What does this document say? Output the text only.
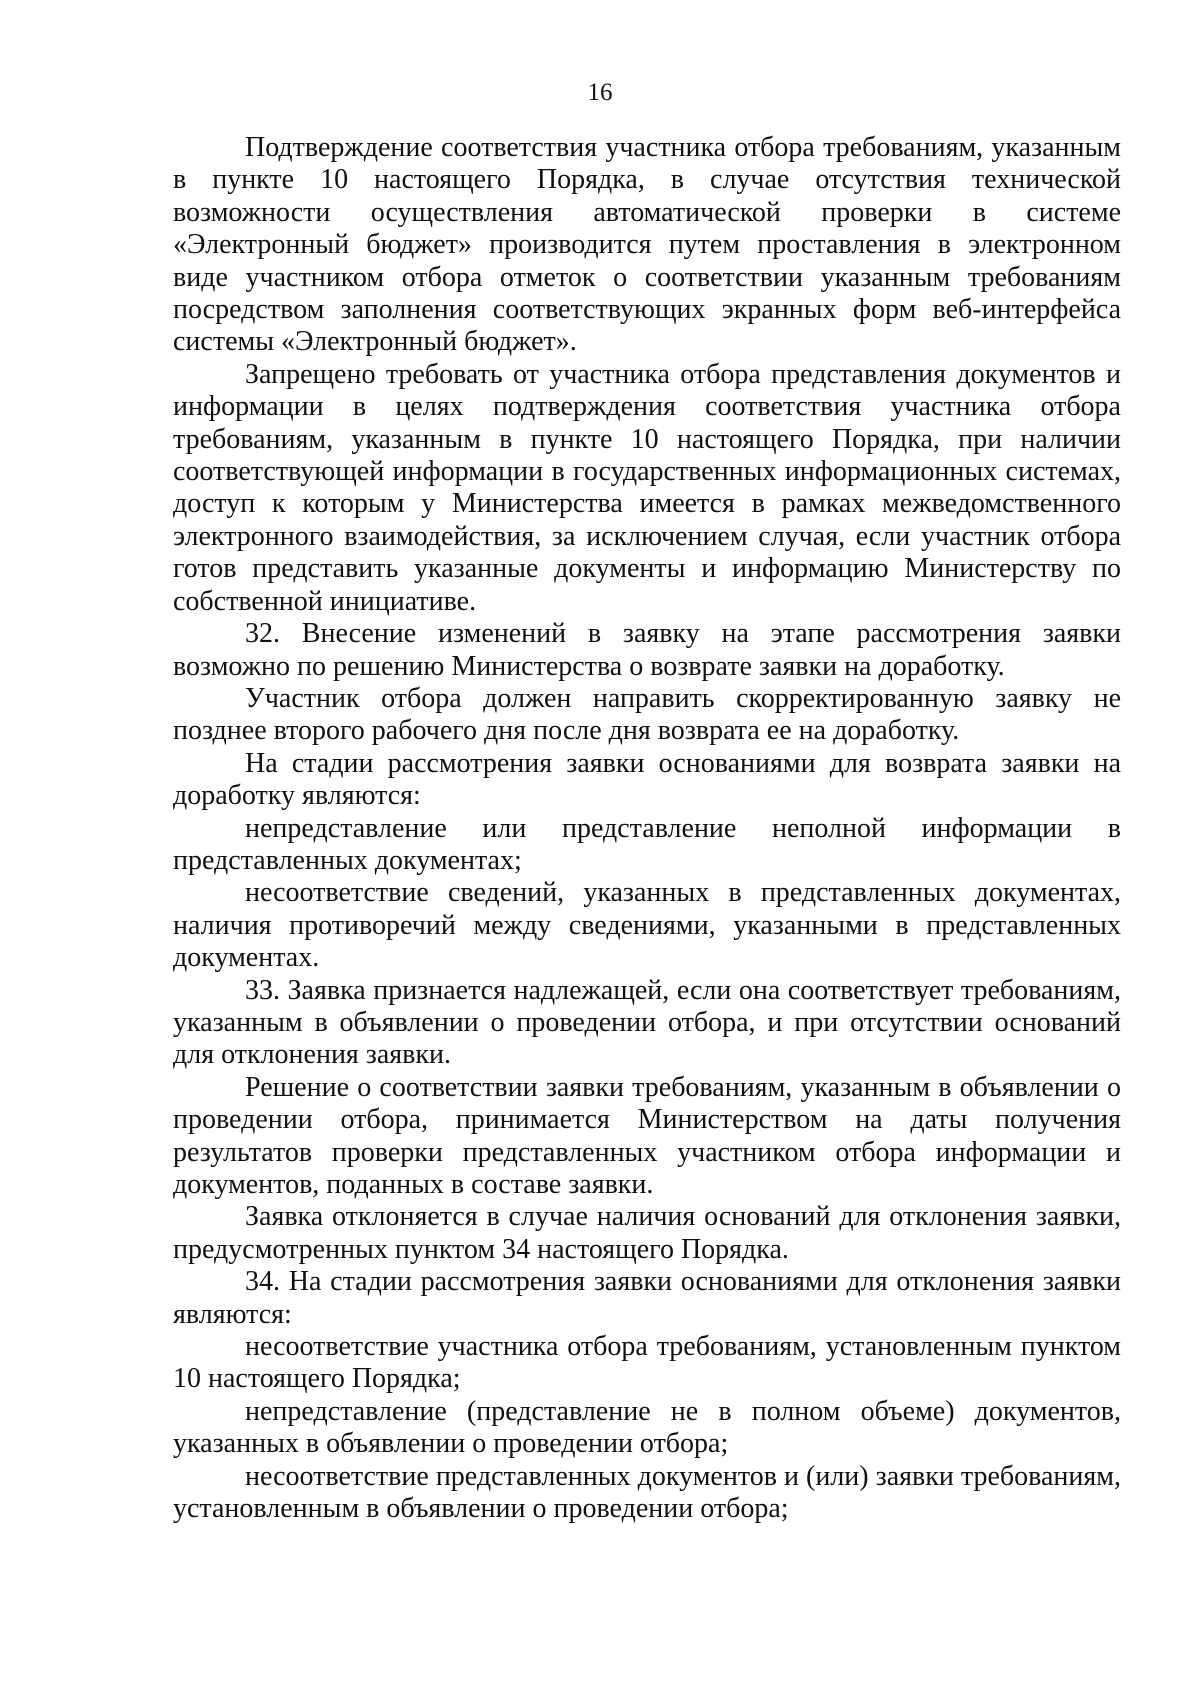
16

Подтверждение соответствия участника отбора требованиям, указанным в пункте 10 настоящего Порядка, в случае отсутствия технической возможности осуществления автоматической проверки в системе «Электронный бюджет» производится путем проставления в электронном виде участником отбора отметок о соответствии указанным требованиям посредством заполнения соответствующих экранных форм веб-интерфейса системы «Электронный бюджет».

Запрещено требовать от участника отбора представления документов и информации в целях подтверждения соответствия участника отбора требованиям, указанным в пункте 10 настоящего Порядка, при наличии соответствующей информации в государственных информационных системах, доступ к которым у Министерства имеется в рамках межведомственного электронного взаимодействия, за исключением случая, если участник отбора готов представить указанные документы и информацию Министерству по собственной инициативе.

32. Внесение изменений в заявку на этапе рассмотрения заявки возможно по решению Министерства о возврате заявки на доработку.

Участник отбора должен направить скорректированную заявку не позднее второго рабочего дня после дня возврата ее на доработку.

На стадии рассмотрения заявки основаниями для возврата заявки на доработку являются:

непредставление или представление неполной информации в представленных документах;

несоответствие сведений, указанных в представленных документах, наличия противоречий между сведениями, указанными в представленных документах.

33. Заявка признается надлежащей, если она соответствует требованиям, указанным в объявлении о проведении отбора, и при отсутствии оснований для отклонения заявки.

Решение о соответствии заявки требованиям, указанным в объявлении о проведении отбора, принимается Министерством на даты получения результатов проверки представленных участником отбора информации и документов, поданных в составе заявки.

Заявка отклоняется в случае наличия оснований для отклонения заявки, предусмотренных пунктом 34 настоящего Порядка.

34. На стадии рассмотрения заявки основаниями для отклонения заявки являются:

несоответствие участника отбора требованиям, установленным пунктом 10 настоящего Порядка;

непредставление (представление не в полном объеме) документов, указанных в объявлении о проведении отбора;

несоответствие представленных документов и (или) заявки требованиям, установленным в объявлении о проведении отбора;
